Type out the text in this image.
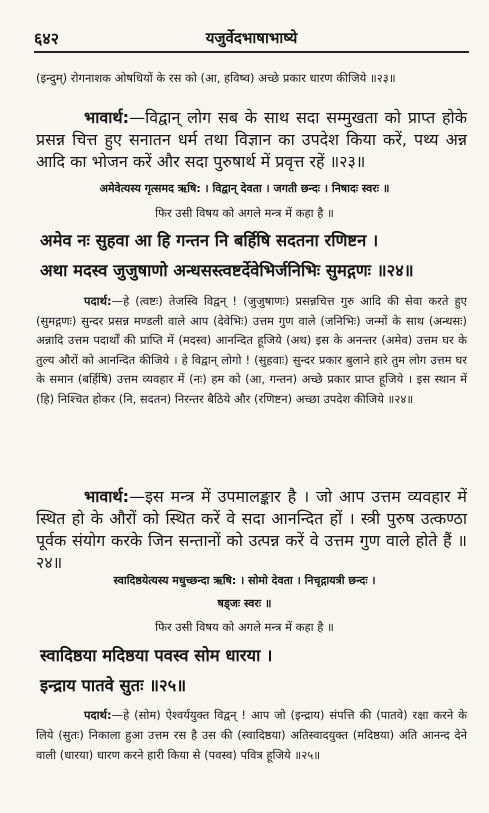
६४२	यजुर्वेदभाषाभाष्ये
(इन्दुम्) रोगनाशक ओषधियों के रस को (आ, हविष्व) अच्छे प्रकार धारण कीजिये ॥२३॥
भावार्थ:—विद्वान् लोग सब के साथ सदा सम्मुखता को प्राप्त होके प्रसन्न चित्त हुए सनातन धर्म तथा विज्ञान का उपदेश किया करें, पथ्य अन्न आदि का भोजन करें और सदा पुरुषार्थ में प्रवृत्त रहें ॥२३॥
अमेवेत्यस्य गृत्समद ऋषि: । विद्वान् देवता । जगती छन्दः । निषादः स्वरः ॥
फिर उसी विषय को अगले मन्त्र में कहा है ॥
अमेव नः सुहवा आ हि गन्तन नि बर्हिषि सदतना रणिष्टन ।
अथा मदस्व जुजुषाणो अन्धसस्त्वष्टर्देवेभिर्जनिभिः सुमद्गणः ॥२४॥
पदार्थ:—हे (त्वष्टः) तेजस्वि विद्वन् ! (जुजुषाणः) प्रसन्नचित्त गुरु आदि की सेवा करते हुए (सुमद्गणः) सुन्दर प्रसन्न मण्डली वाले आप (देवेभिः) उत्तम गुण वाले (जनिभिः) जन्मों के साथ (अन्धसः) अन्नादि उत्तम पदार्थों की प्राप्ति में (मदस्व) आनन्दित हूजिये (अथ) इस के अनन्तर (अमेव) उत्तम घर के तुल्य औरों को आनन्दित कीजिये । हे विद्वान् लोगो ! (सुहवाः) सुन्दर प्रकार बुलाने हारे तुम लोग उत्तम घर के समान (बर्हिषि) उत्तम व्यवहार में (नः) हम को (आ, गन्तन) अच्छे प्रकार प्राप्त हूजिये । इस स्थान में (हि) निश्चित होकर (नि, सदतन) निरन्तर बैठिये और (रणिष्टन) अच्छा उपदेश कीजिये ॥२४॥
भावार्थ:—इस मन्त्र में उपमालङ्कार है । जो आप उत्तम व्यवहार में स्थित हो के औरों को स्थित करें वे सदा आनन्दित हों । स्त्री पुरुष उत्कण्ठा पूर्वक संयोग करके जिन सन्तानों को उत्पन्न करें वे उत्तम गुण वाले होते हैं ॥२४॥
स्वादिष्ठयेत्यस्य मधुच्छन्दा ऋषि: । सोमो देवता । निचृद्गायत्री छन्दः ।
षड्जः स्वरः ॥
फिर उसी विषय को अगले मन्त्र में कहा है ॥
स्वादिष्ठया मदिष्ठया पवस्व सोम धारया ।
इन्द्राय पातवे सुतः ॥२५॥
पदार्थ:—हे (सोम) ऐश्वर्ययुक्त विद्वन् ! आप जो (इन्द्राय) संपत्ति की (पातवे) रक्षा करने के लिये (सुतः) निकाला हुआ उत्तम रस है उस की (स्वादिष्ठया) अतिस्वादयुक्त (मदिष्ठया) अति आनन्द देने वाली (धारया) धारण करने हारी किया से (पवस्व) पवित्र हूजिये ॥२५॥
